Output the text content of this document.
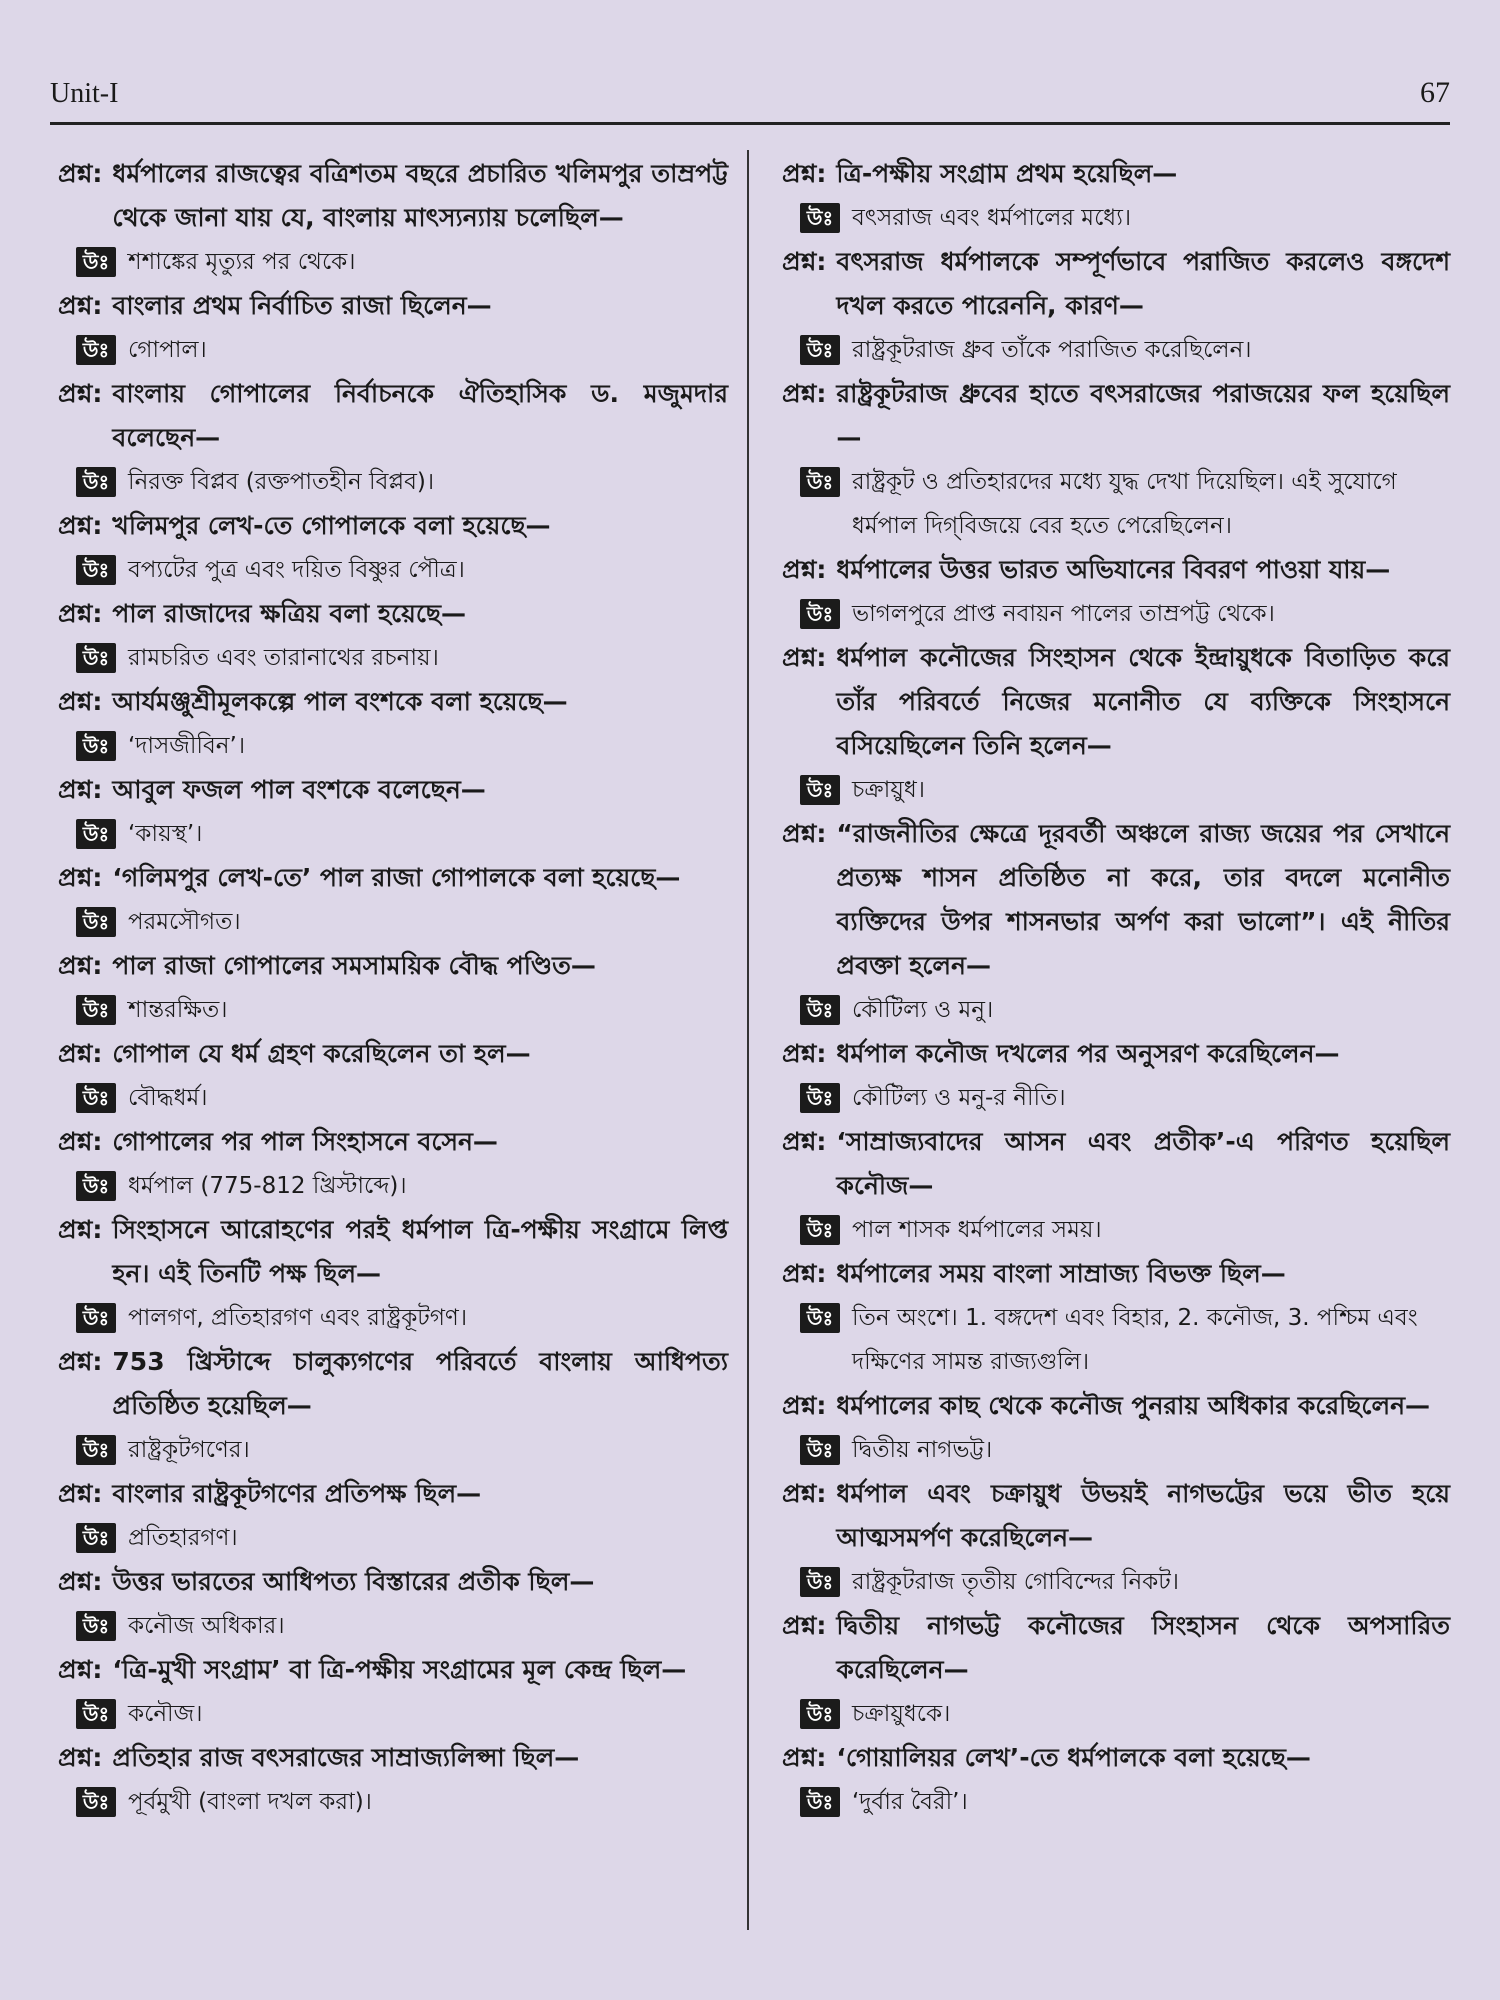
Unit-I	67
প্রশ্ন: ধর্মপালের রাজত্বের বত্রিশতম বছরে প্রচারিত খলিমপুর তাম্রপট্ট থেকে জানা যায় যে, বাংলায় মাৎস্যন্যায় চলেছিল—
উঃ শশাঙ্কের মৃত্যুর পর থেকে।
প্রশ্ন: বাংলার প্রথম নির্বাচিত রাজা ছিলেন—
উঃ গোপাল।
প্রশ্ন: বাংলায় গোপালের নির্বাচনকে ঐতিহাসিক ড. মজুমদার বলেছেন—
উঃ নিরক্ত বিপ্লব (রক্তপাতহীন বিপ্লব)।
প্রশ্ন: খলিমপুর লেখ-তে গোপালকে বলা হয়েছে—
উঃ বপ্যটের পুত্র এবং দয়িত বিষ্ণুর পৌত্র।
প্রশ্ন: পাল রাজাদের ক্ষত্রিয় বলা হয়েছে—
উঃ রামচরিত এবং তারানাথের রচনায়।
প্রশ্ন: আর্যমঞ্জুশ্রীমূলকল্পে পাল বংশকে বলা হয়েছে—
উঃ ‘দাসজীবিন’।
প্রশ্ন: আবুল ফজল পাল বংশকে বলেছেন—
উঃ ‘কায়স্থ’।
প্রশ্ন: ‘গলিমপুর লেখ-তে’ পাল রাজা গোপালকে বলা হয়েছে—
উঃ পরমসৌগত।
প্রশ্ন: পাল রাজা গোপালের সমসাময়িক বৌদ্ধ পণ্ডিত—
উঃ শান্তরক্ষিত।
প্রশ্ন: গোপাল যে ধর্ম গ্রহণ করেছিলেন তা হল—
উঃ বৌদ্ধধর্ম।
প্রশ্ন: গোপালের পর পাল সিংহাসনে বসেন—
উঃ ধর্মপাল (775-812 খ্রিস্টাব্দে)।
প্রশ্ন: সিংহাসনে আরোহণের পরই ধর্মপাল ত্রি-পক্ষীয় সংগ্রামে লিপ্ত হন। এই তিনটি পক্ষ ছিল—
উঃ পালগণ, প্রতিহারগণ এবং রাষ্ট্রকূটগণ।
প্রশ্ন: 753 খ্রিস্টাব্দে চালুক্যগণের পরিবর্তে বাংলায় আধিপত্য প্রতিষ্ঠিত হয়েছিল—
উঃ রাষ্ট্রকূটগণের।
প্রশ্ন: বাংলার রাষ্ট্রকূটগণের প্রতিপক্ষ ছিল—
উঃ প্রতিহারগণ।
প্রশ্ন: উত্তর ভারতের আধিপত্য বিস্তারের প্রতীক ছিল—
উঃ কনৌজ অধিকার।
প্রশ্ন: ‘ত্রি-মুখী সংগ্রাম’ বা ত্রি-পক্ষীয় সংগ্রামের মূল কেন্দ্র ছিল—
উঃ কনৌজ।
প্রশ্ন: প্রতিহার রাজ বৎসরাজের সাম্রাজ্যলিপ্সা ছিল—
উঃ পূর্বমুখী (বাংলা দখল করা)।
প্রশ্ন: ত্রি-পক্ষীয় সংগ্রাম প্রথম হয়েছিল—
উঃ বৎসরাজ এবং ধর্মপালের মধ্যে।
প্রশ্ন: বৎসরাজ ধর্মপালকে সম্পূর্ণভাবে পরাজিত করলেও বঙ্গদেশ দখল করতে পারেননি, কারণ—
উঃ রাষ্ট্রকূটরাজ ধ্রুব তাঁকে পরাজিত করেছিলেন।
প্রশ্ন: রাষ্ট্রকূটরাজ ধ্রুবের হাতে বৎসরাজের পরাজয়ের ফল হয়েছিল—
উঃ রাষ্ট্রকূট ও প্রতিহারদের মধ্যে যুদ্ধ দেখা দিয়েছিল। এই সুযোগে ধর্মপাল দিগ্‌বিজয়ে বের হতে পেরেছিলেন।
প্রশ্ন: ধর্মপালের উত্তর ভারত অভিযানের বিবরণ পাওয়া যায়—
উঃ ভাগলপুরে প্রাপ্ত নবায়ন পালের তাম্রপট্ট থেকে।
প্রশ্ন: ধর্মপাল কনৌজের সিংহাসন থেকে ইন্দ্রায়ুধকে বিতাড়িত করে তাঁর পরিবর্তে নিজের মনোনীত যে ব্যক্তিকে সিংহাসনে বসিয়েছিলেন তিনি হলেন—
উঃ চক্রায়ুধ।
প্রশ্ন: “রাজনীতির ক্ষেত্রে দূরবর্তী অঞ্চলে রাজ্য জয়ের পর সেখানে প্রত্যক্ষ শাসন প্রতিষ্ঠিত না করে, তার বদলে মনোনীত ব্যক্তিদের উপর শাসনভার অর্পণ করা ভালো”। এই নীতির প্রবক্তা হলেন—
উঃ কৌটিল্য ও মনু।
প্রশ্ন: ধর্মপাল কনৌজ দখলের পর অনুসরণ করেছিলেন—
উঃ কৌটিল্য ও মনু-র নীতি।
প্রশ্ন: ‘সাম্রাজ্যবাদের আসন এবং প্রতীক’-এ পরিণত হয়েছিল কনৌজ—
উঃ পাল শাসক ধর্মপালের সময়।
প্রশ্ন: ধর্মপালের সময় বাংলা সাম্রাজ্য বিভক্ত ছিল—
উঃ তিন অংশে। 1. বঙ্গদেশ এবং বিহার, 2. কনৌজ, 3. পশ্চিম এবং দক্ষিণের সামন্ত রাজ্যগুলি।
প্রশ্ন: ধর্মপালের কাছ থেকে কনৌজ পুনরায় অধিকার করেছিলেন—
উঃ দ্বিতীয় নাগভট্ট।
প্রশ্ন: ধর্মপাল এবং চক্রায়ুধ উভয়ই নাগভট্টের ভয়ে ভীত হয়ে আত্মসমর্পণ করেছিলেন—
উঃ রাষ্ট্রকূটরাজ তৃতীয় গোবিন্দের নিকট।
প্রশ্ন: দ্বিতীয় নাগভট্ট কনৌজের সিংহাসন থেকে অপসারিত করেছিলেন—
উঃ চক্রায়ুধকে।
প্রশ্ন: ‘গোয়ালিয়র লেখ’-তে ধর্মপালকে বলা হয়েছে—
উঃ ‘দুর্বার বৈরী’।
